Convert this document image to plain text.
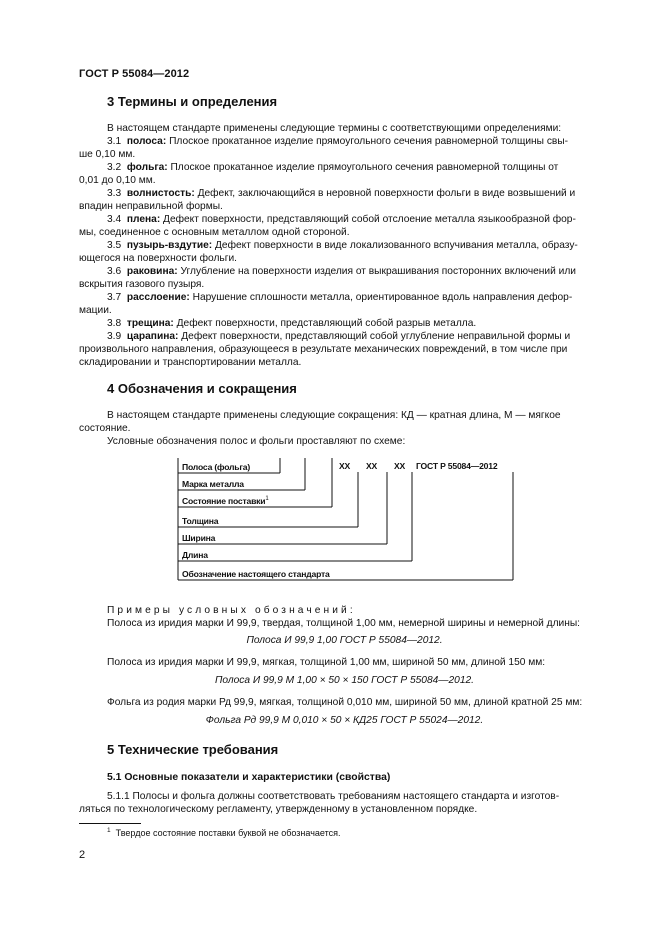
ГОСТ Р 55084—2012
3 Термины и определения
В настоящем стандарте применены следующие термины с соответствующими определениями:
3.1 полоса: Плоское прокатанное изделие прямоугольного сечения равномерной толщины свы-
ше 0,10 мм.
3.2 фольга: Плоское прокатанное изделие прямоугольного сечения равномерной толщины от
0,01 до 0,10 мм.
3.3 волнистость: Дефект, заключающийся в неровной поверхности фольги в виде возвышений и
впадин неправильной формы.
3.4 плена: Дефект поверхности, представляющий собой отслоение металла языкообразной фор-
мы, соединенное с основным металлом одной стороной.
3.5 пузырь-вздутие: Дефект поверхности в виде локализованного вспучивания металла, образу-
ющегося на поверхности фольги.
3.6 раковина: Углубление на поверхности изделия от выкрашивания посторонних включений или
вскрытия газового пузыря.
3.7 расслоение: Нарушение сплошности металла, ориентированное вдоль направления дефор-
мации.
3.8 трещина: Дефект поверхности, представляющий собой разрыв металла.
3.9 царапина: Дефект поверхности, представляющий собой углубление неправильной формы и
произвольного направления, образующееся в результате механических повреждений, в том числе при
складировании и транспортировании металла.
4 Обозначения и сокращения
В настоящем стандарте применены следующие сокращения: КД — кратная длина, М — мягкое
состояние.
Условные обозначения полос и фольги проставляют по схеме:
ХХ ХХ ХХ ГОСТ Р 55084—2012
Полоса (фольга)
Марка металла
Состояние поставки$^1$
Толщина
Ширина
Длина
Обозначение настоящего стандарта
Примеры условных обозначений:
Полоса из иридия марки И 99,9, твердая, толщиной 1,00 мм, немерной ширины и немерной длины:
Полоса И 99,9 1,00 ГОСТ Р 55084—2012.
Полоса из иридия марки И 99,9, мягкая, толщиной 1,00 мм, шириной 50 мм, длиной 150 мм:
Полоса И 99,9 М 1,00 × 50 × 150 ГОСТ Р 55084—2012.
Фольга из родия марки Рд 99,9, мягкая, толщиной 0,010 мм, шириной 50 мм, длиной кратной 25 мм:
Фольга Рд 99,9 М 0,010 × 50 × КД25 ГОСТ Р 55024—2012.
5 Технические требования
5.1 Основные показатели и характеристики (свойства)
5.1.1 Полосы и фольга должны соответствовать требованиям настоящего стандарта и изготов-
ляться по технологическому регламенту, утвержденному в установленном порядке.
$^1$ Твердое состояние поставки буквой не обозначается.
2
